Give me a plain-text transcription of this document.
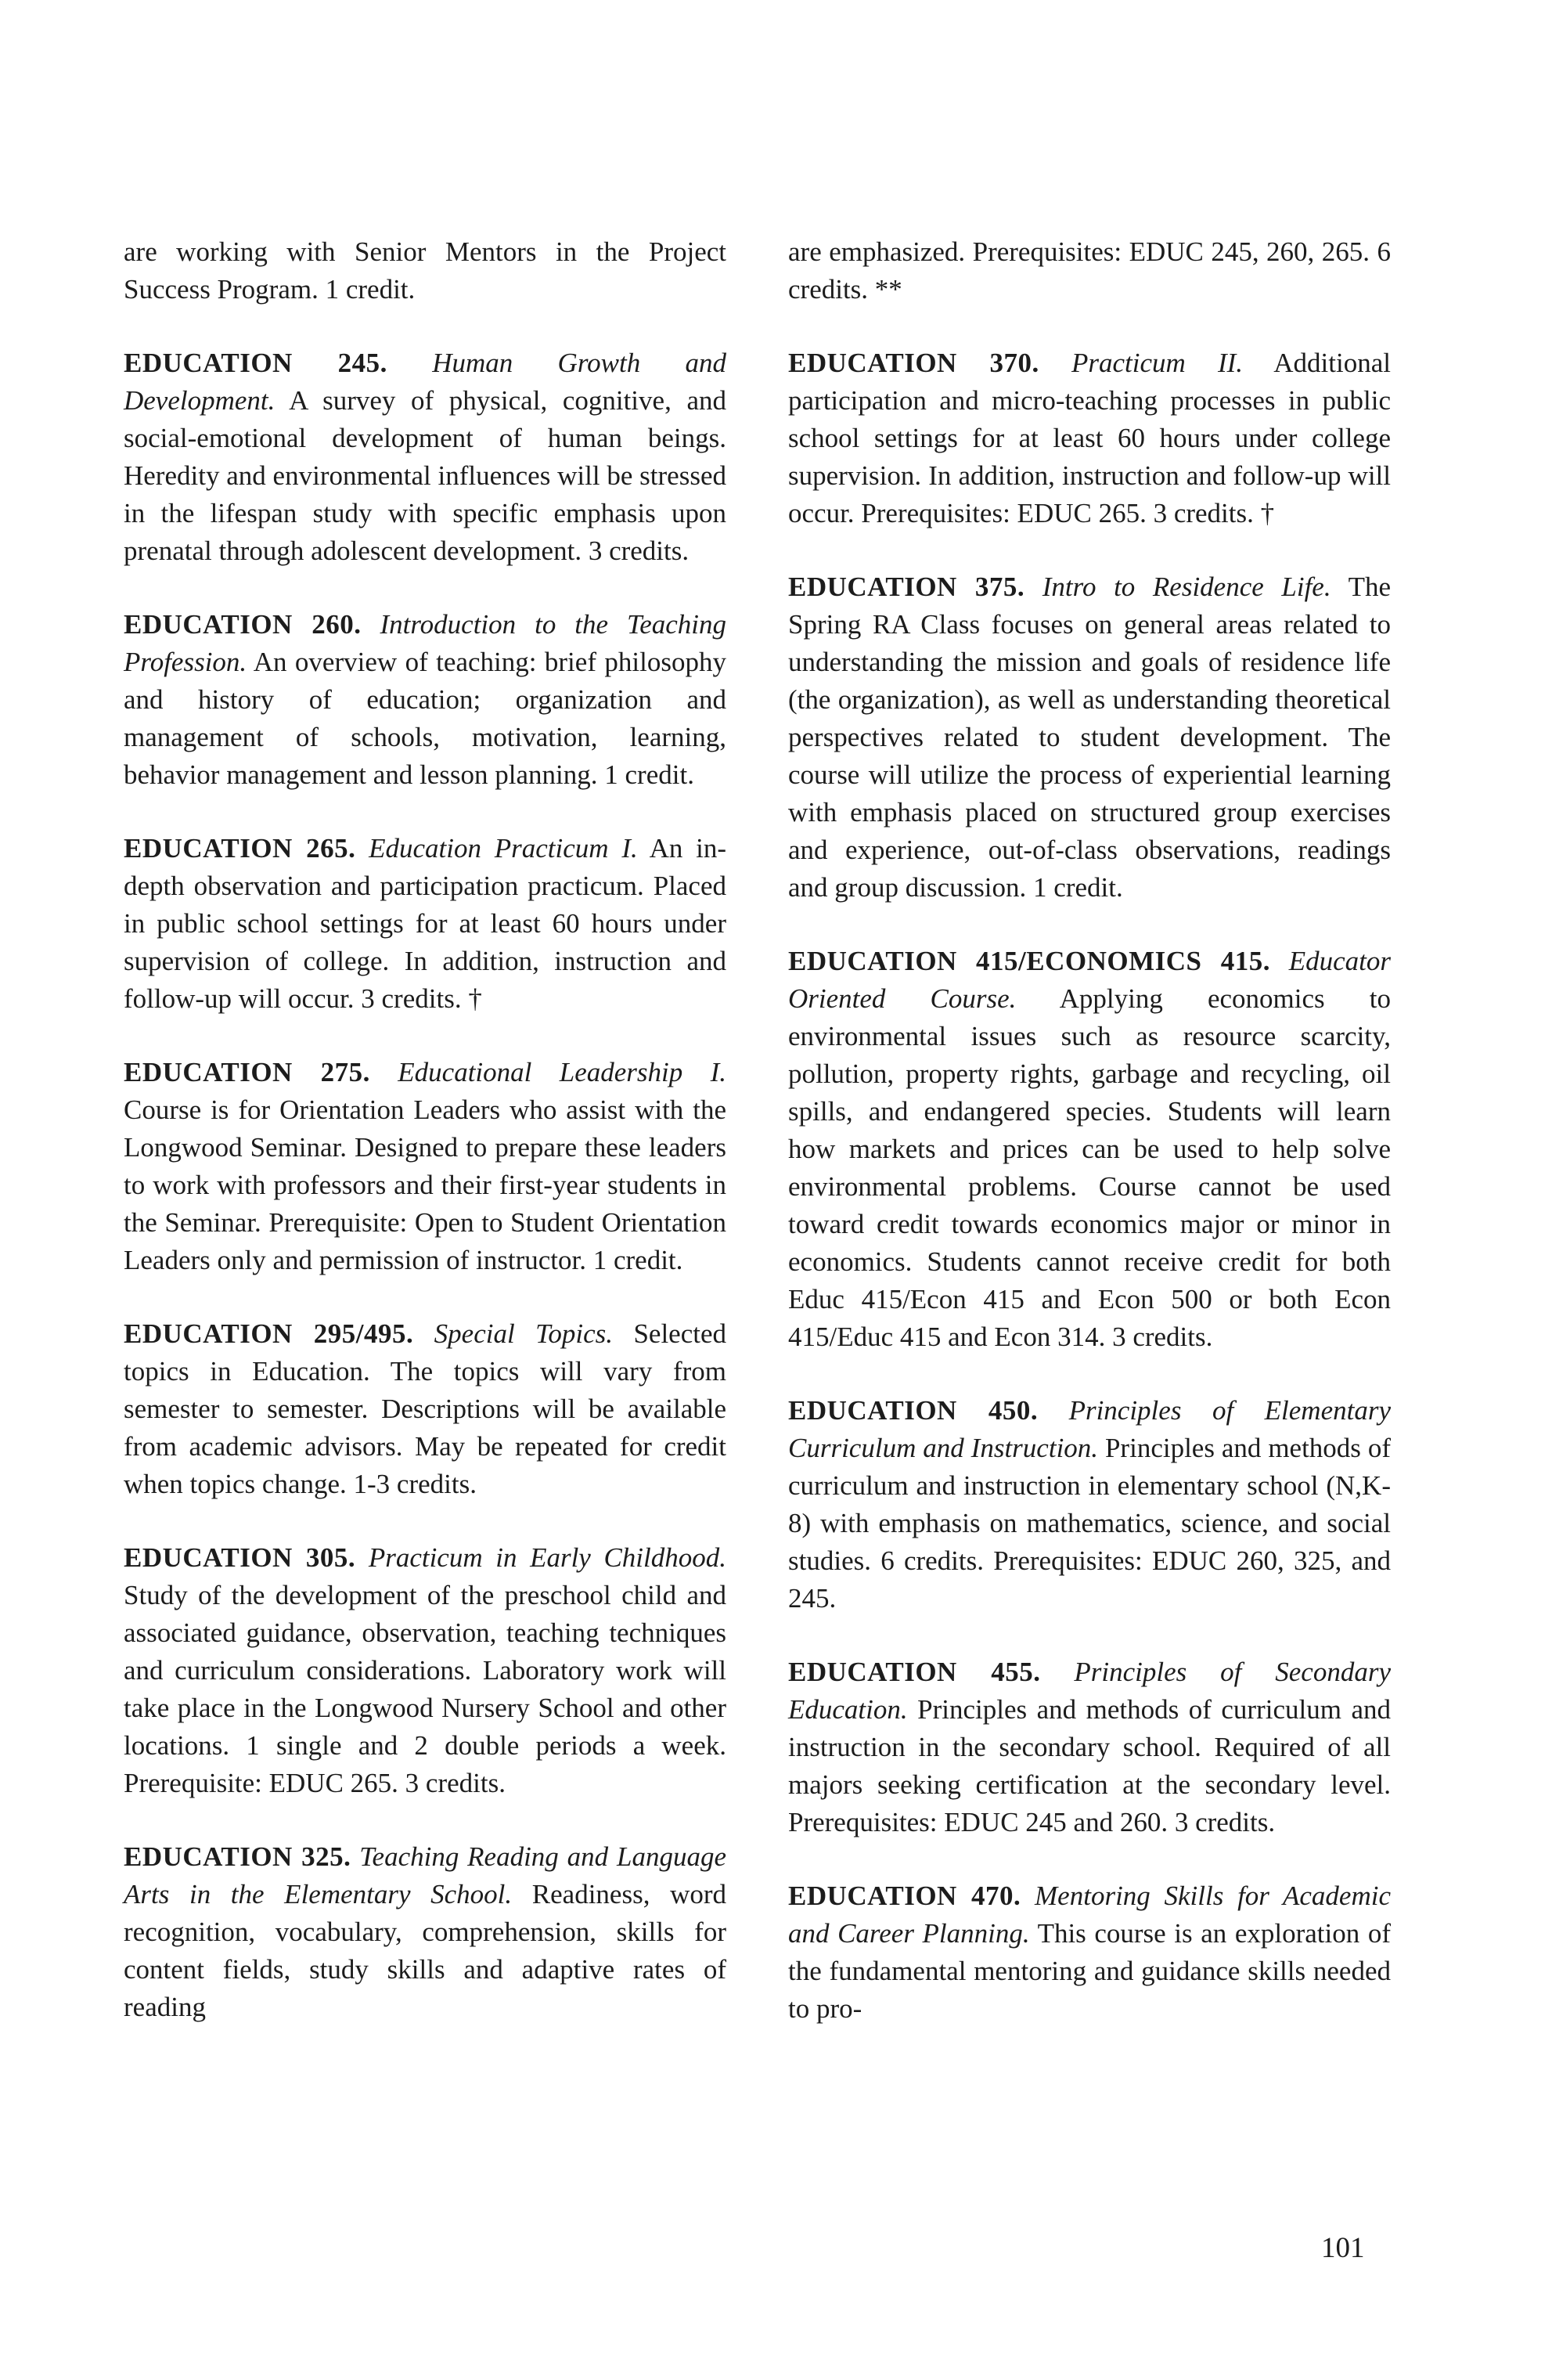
are working with Senior Mentors in the Project Success Program. 1 credit.

EDUCATION 245. Human Growth and Development. A survey of physical, cognitive, and social-emotional development of human beings. Heredity and environmental influences will be stressed in the lifespan study with specific emphasis upon prenatal through adolescent development. 3 credits.

EDUCATION 260. Introduction to the Teaching Profession. An overview of teaching: brief philosophy and history of education; organization and management of schools, motivation, learning, behavior management and lesson planning. 1 credit.

EDUCATION 265. Education Practicum I. An in-depth observation and participation practicum. Placed in public school settings for at least 60 hours under supervision of college. In addition, instruction and follow-up will occur. 3 credits. †

EDUCATION 275. Educational Leadership I. Course is for Orientation Leaders who assist with the Longwood Seminar. Designed to prepare these leaders to work with professors and their first-year students in the Seminar. Prerequisite: Open to Student Orientation Leaders only and permission of instructor. 1 credit.

EDUCATION 295/495. Special Topics. Selected topics in Education. The topics will vary from semester to semester. Descriptions will be available from academic advisors. May be repeated for credit when topics change. 1-3 credits.

EDUCATION 305. Practicum in Early Childhood. Study of the development of the preschool child and associated guidance, observation, teaching techniques and curriculum considerations. Laboratory work will take place in the Longwood Nursery School and other locations. 1 single and 2 double periods a week. Prerequisite: EDUC 265. 3 credits.

EDUCATION 325. Teaching Reading and Language Arts in the Elementary School. Readiness, word recognition, vocabulary, comprehension, skills for content fields, study skills and adaptive rates of reading

are emphasized. Prerequisites: EDUC 245, 260, 265. 6 credits. **

EDUCATION 370. Practicum II. Additional participation and micro-teaching processes in public school settings for at least 60 hours under college supervision. In addition, instruction and follow-up will occur. Prerequisites: EDUC 265. 3 credits. †

EDUCATION 375. Intro to Residence Life. The Spring RA Class focuses on general areas related to understanding the mission and goals of residence life (the organization), as well as understanding theoretical perspectives related to student development. The course will utilize the process of experiential learning with emphasis placed on structured group exercises and experience, out-of-class observations, readings and group discussion. 1 credit.

EDUCATION 415/ECONOMICS 415. Educator Oriented Course. Applying economics to environmental issues such as resource scarcity, pollution, property rights, garbage and recycling, oil spills, and endangered species. Students will learn how markets and prices can be used to help solve environmental problems. Course cannot be used toward credit towards economics major or minor in economics. Students cannot receive credit for both Educ 415/Econ 415 and Econ 500 or both Econ 415/Educ 415 and Econ 314. 3 credits.

EDUCATION 450. Principles of Elementary Curriculum and Instruction. Principles and methods of curriculum and instruction in elementary school (N,K-8) with emphasis on mathematics, science, and social studies. 6 credits. Prerequisites: EDUC 260, 325, and 245.

EDUCATION 455. Principles of Secondary Education. Principles and methods of curriculum and instruction in the secondary school. Required of all majors seeking certification at the secondary level. Prerequisites: EDUC 245 and 260. 3 credits.

EDUCATION 470. Mentoring Skills for Academic and Career Planning. This course is an exploration of the fundamental mentoring and guidance skills needed to pro-

101
